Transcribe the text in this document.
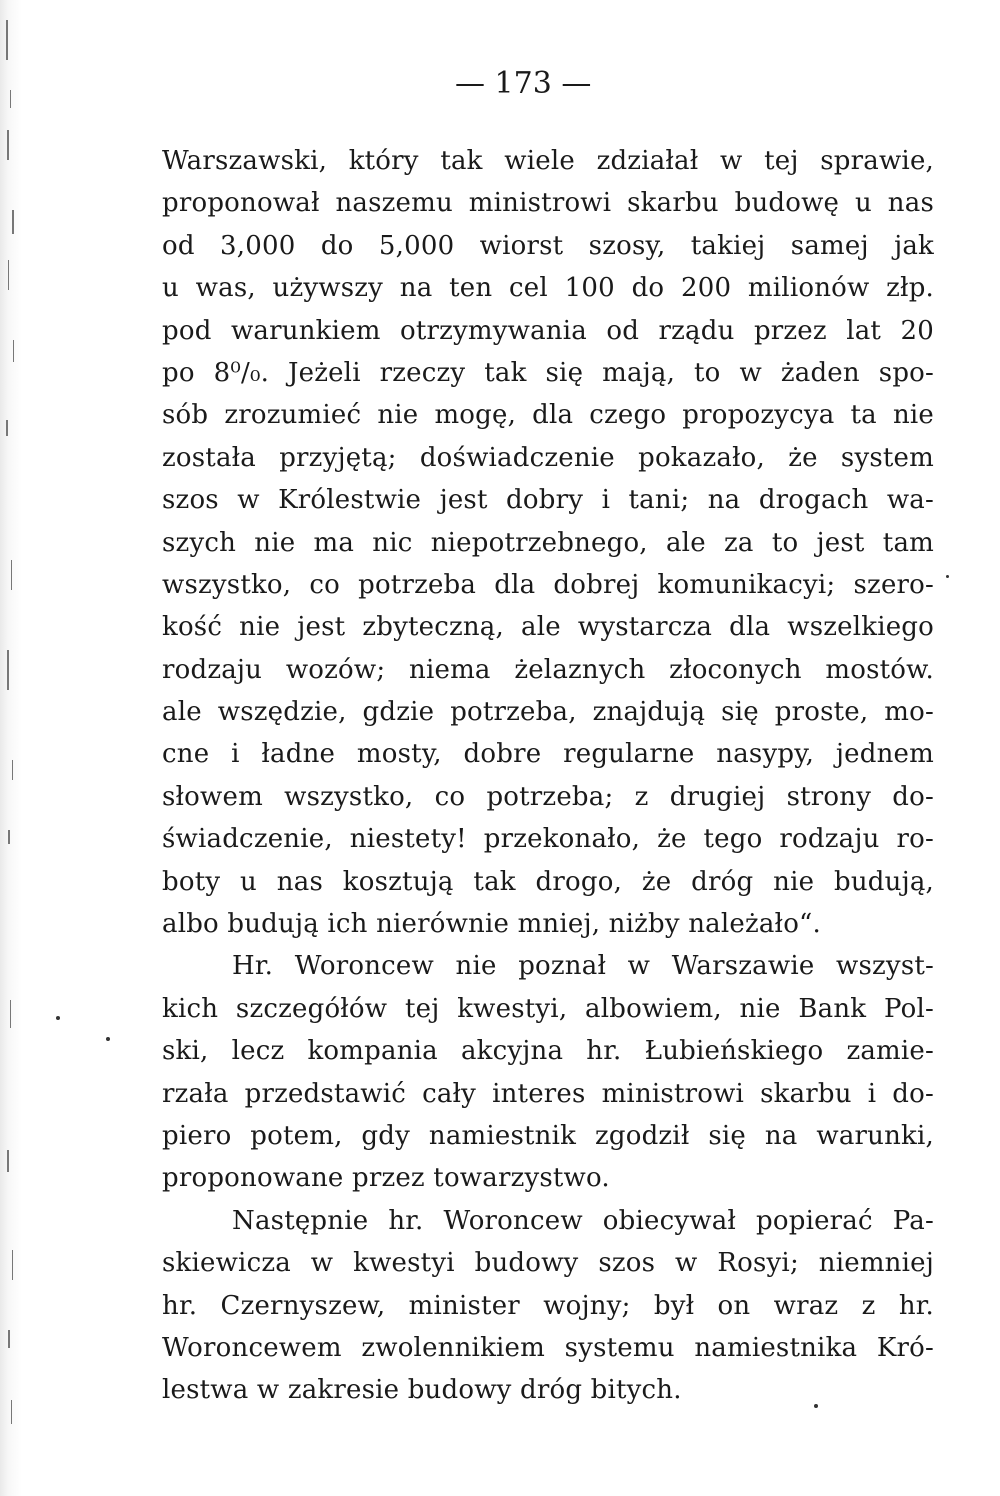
— 173 —
Warszawski, który tak wiele zdziałał w tej sprawie,
proponował naszemu ministrowi skarbu budowę u nas
od 3,000 do 5,000 wiorst szosy, takiej samej jak
u was, używszy na ten cel 100 do 200 milionów złp.
pod warunkiem otrzymywania od rządu przez lat 20
po 8⁰/₀. Jeżeli rzeczy tak się mają, to w żaden spo-
sób zrozumieć nie mogę, dla czego propozycya ta nie
została przyjętą; doświadczenie pokazało, że system
szos w Królestwie jest dobry i tani; na drogach wa-
szych nie ma nic niepotrzebnego, ale za to jest tam
wszystko, co potrzeba dla dobrej komunikacyi; szero-
kość nie jest zbyteczną, ale wystarcza dla wszelkiego
rodzaju wozów; niema żelaznych złoconych mostów.
ale wszędzie, gdzie potrzeba, znajdują się proste, mo-
cne i ładne mosty, dobre regularne nasypy, jednem
słowem wszystko, co potrzeba; z drugiej strony do-
świadczenie, niestety! przekonało, że tego rodzaju ro-
boty u nas kosztują tak drogo, że dróg nie budują,
albo budują ich nierównie mniej, niżby należało“.
Hr. Woroncew nie poznał w Warszawie wszyst-
kich szczegółów tej kwestyi, albowiem, nie Bank Pol-
ski, lecz kompania akcyjna hr. Łubieńskiego zamie-
rzała przedstawić cały interes ministrowi skarbu i do-
piero potem, gdy namiestnik zgodził się na warunki,
proponowane przez towarzystwo.
Następnie hr. Woroncew obiecywał popierać Pa-
skiewicza w kwestyi budowy szos w Rosyi; niemniej
hr. Czernyszew, minister wojny; był on wraz z hr.
Woroncewem zwolennikiem systemu namiestnika Kró-
lestwa w zakresie budowy dróg bitych.
